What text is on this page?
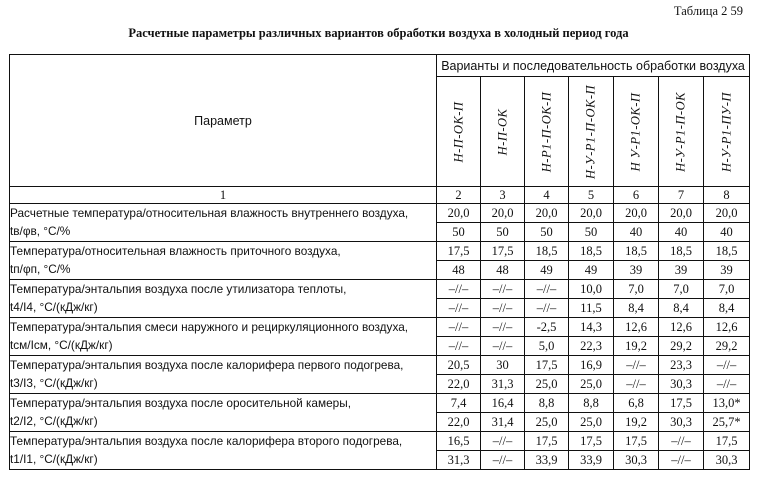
Таблица 2 59
Расчетные параметры различных вариантов обработки воздуха в холодный период года
Параметр	Варианты и последовательность обработки воздуха						

	Н-П-ОК-П	Н-П-ОК	Н-Р1-П-ОК-П	Н-У-Р1-П-ОК-П	Н У-Р1-ОК-П	Н-У-Р1-П-ОК	Н-У-Р1-ПУ-П

1	2	3	4	5	6	7	8
Расчетные температура/относительная влажность внутреннего воздуха,
tв/φв, °С/%	20,0	20,0	20,0	20,0	20,0	20,0	20,0
	50	50	50	50	40	40	40
Температура/относительная влажность приточного воздуха,
tп/φп, °С/%	17,5	17,5	18,5	18,5	18,5	18,5	18,5
	48	48	49	49	39	39	39
Температура/энтальпия воздуха после утилизатора теплоты,
t4/I4, °С/(кДж/кг)	–//–	–//–	–//–	10,0	7,0	7,0	7,0
	–//–	–//–	–//–	11,5	8,4	8,4	8,4
Температура/энтальпия смеси наружного и рециркуляционного воздуха,
tсм/Iсм, °С/(кДж/кг)	–//–	–//–	-2,5	14,3	12,6	12,6	12,6
	–//–	–//–	5,0	22,3	19,2	29,2	29,2
Температура/энтальпия воздуха после калорифера первого подогрева,
t3/I3, °С/(кДж/кг)	20,5	30	17,5	16,9	–//–	23,3	–//–
	22,0	31,3	25,0	25,0	–//–	30,3	–//–
Температура/энтальпия воздуха после оросительной камеры,
t2/I2, °С/(кДж/кг)	7,4	16,4	8,8	8,8	6,8	17,5	13,0*
	22,0	31,4	25,0	25,0	19,2	30,3	25,7*
Температура/энтальпия воздуха после калорифера второго подогрева,
t1/I1, °С/(кДж/кг)	16,5	–//–	17,5	17,5	17,5	–//–	17,5
	31,3	–//–	33,9	33,9	30,3	–//–	30,3
